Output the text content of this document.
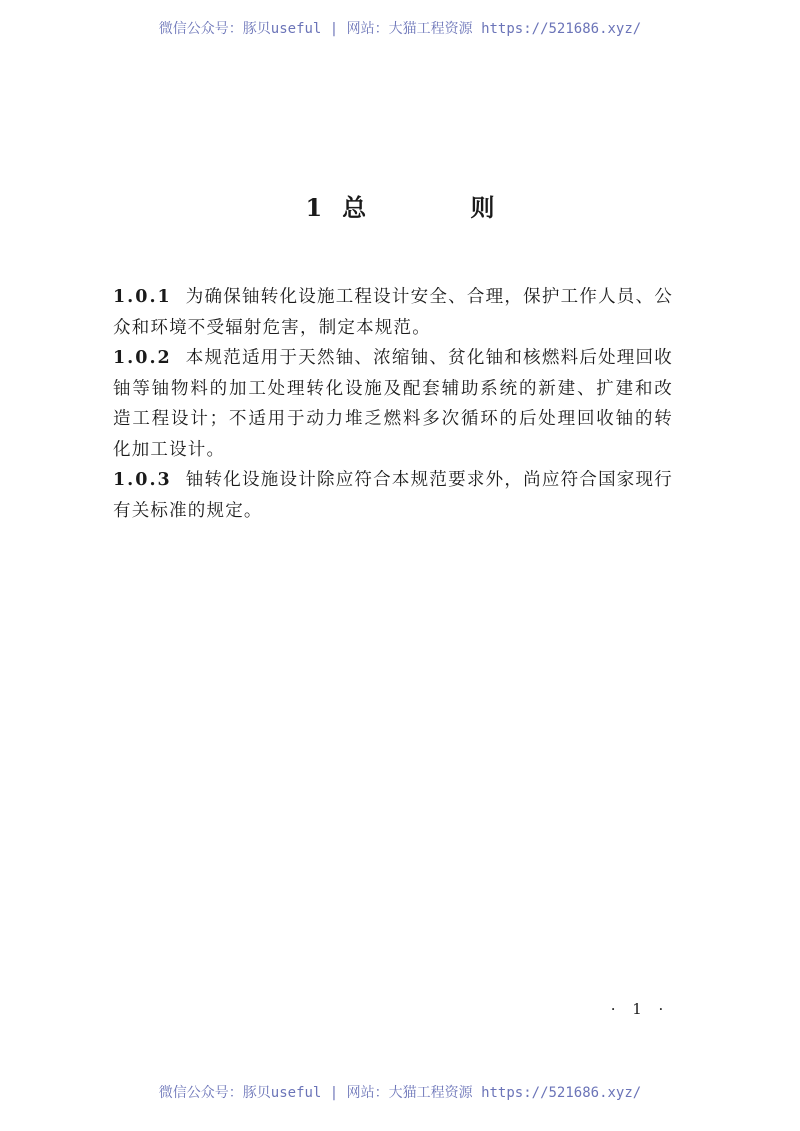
微信公众号：豚贝useful | 网站：大猫工程资源 https://521686.xyz/
1 总 则

1.0.1 为确保铀转化设施工程设计安全、合理，保护工作人员、公众和环境不受辐射危害，制定本规范。

1.0.2 本规范适用于天然铀、浓缩铀、贫化铀和核燃料后处理回收铀等铀物料的加工处理转化设施及配套辅助系统的新建、扩建和改造工程设计；不适用于动力堆乏燃料多次循环的后处理回收铀的转化加工设计。

1.0.3 铀转化设施设计除应符合本规范要求外，尚应符合国家现行有关标准的规定。

· 1 ·
微信公众号：豚贝useful | 网站：大猫工程资源 https://521686.xyz/
